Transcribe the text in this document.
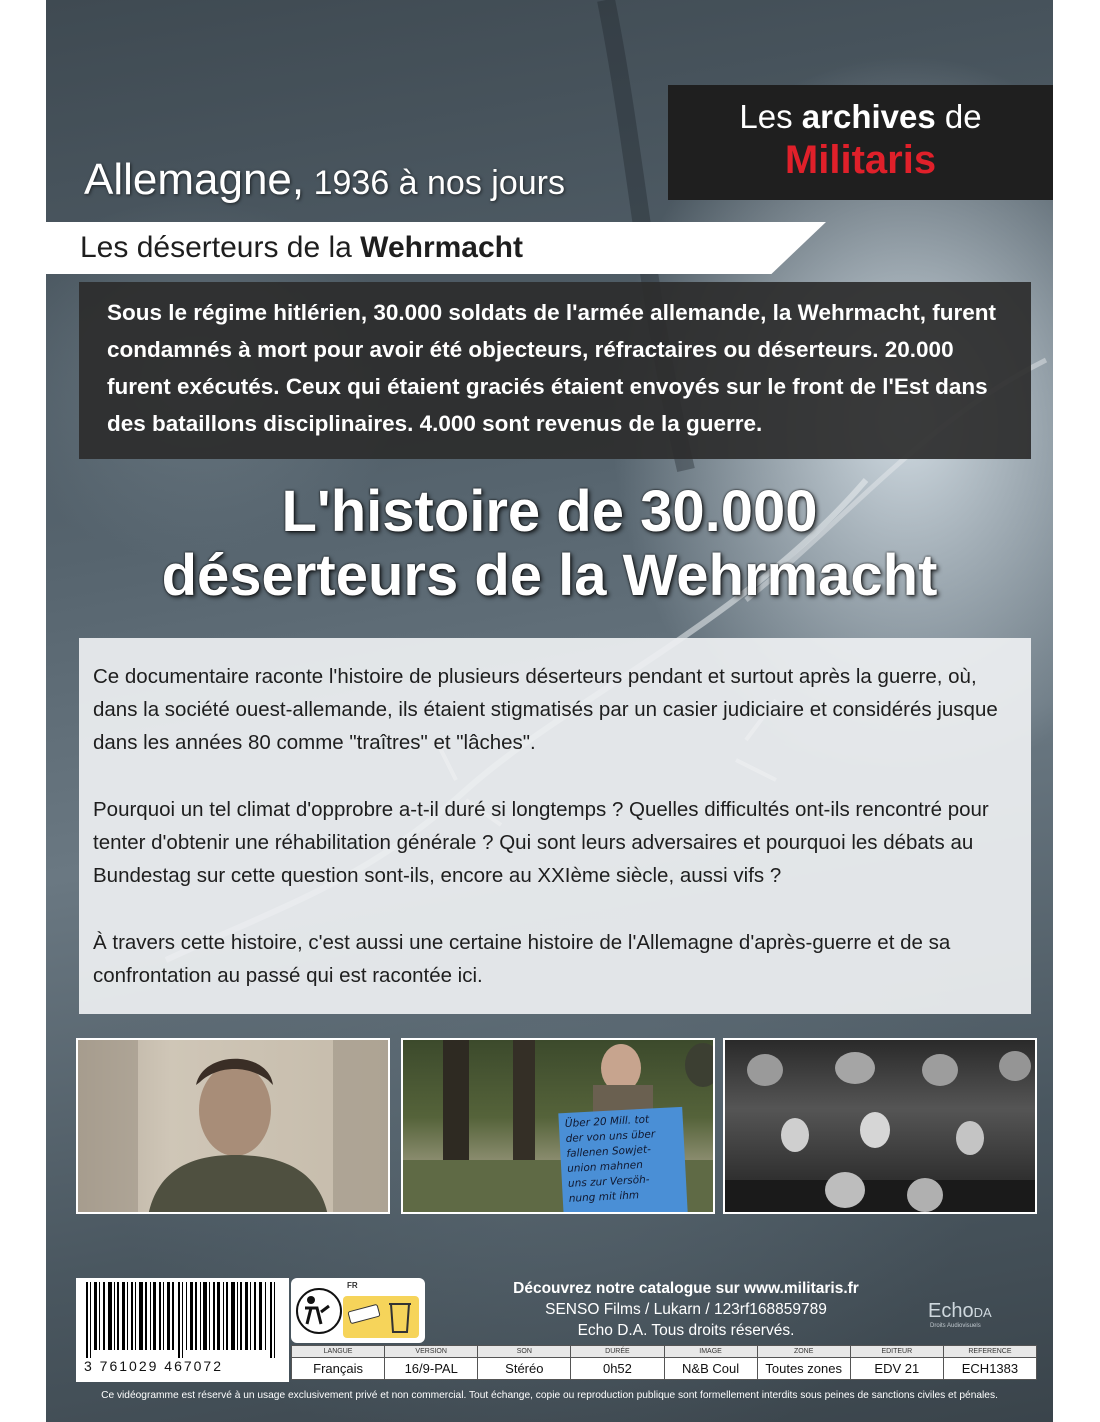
Les archives de
Militaris
Allemagne, 1936 à nos jours
Les déserteurs de la Wehrmacht

Sous le régime hitlérien, 30.000 soldats de l'armée allemande, la Wehrmacht, furent condamnés à mort pour avoir été objecteurs, réfractaires ou déserteurs. 20.000 furent exécutés. Ceux qui étaient graciés étaient envoyés sur le front de l'Est dans des bataillons disciplinaires. 4.000 sont revenus de la guerre.

L'histoire de 30.000
déserteurs de la Wehrmacht

Ce documentaire raconte l'histoire de plusieurs déserteurs pendant et surtout après la guerre, où, dans la société ouest-allemande, ils étaient stigmatisés par un casier judiciaire et considérés jusque dans les années 80 comme "traîtres" et "lâches".

Pourquoi un tel climat d'opprobre a-t-il duré si longtemps ? Quelles difficultés ont-ils rencontré pour tenter d'obtenir une réhabilitation générale ? Qui sont leurs adversaires et pourquoi les débats au Bundestag sur cette question sont-ils, encore au XXIème siècle, aussi vifs ?

À travers cette histoire, c'est aussi une certaine histoire de l'Allemagne d'après-guerre et de sa confrontation au passé qui est racontée ici.

Über 20 Mill. tot
der von uns über
fallenen Sowjet-
union mahnen
uns zur Versöh-
nung mit ihm
3 761029 467072
FR	Découvrez notre catalogue sur www.militaris.fr
SENSO Films / Lukarn / 123rf168859789
Echo D.A. Tous droits réservés.
EchoDA
Droits Audiovisuels
LANGUE	VERSION	SON	DURÉE	IMAGE	ZONE	EDITEUR	REFERENCE
Français	16/9-PAL	Stéréo	0h52	N&B Coul	Toutes zones	EDV 21	ECH1383
Ce vidéogramme est réservé à un usage exclusivement privé et non commercial. Tout échange, copie ou reproduction publique sont formellement interdits sous peines de sanctions civiles et pénales.
